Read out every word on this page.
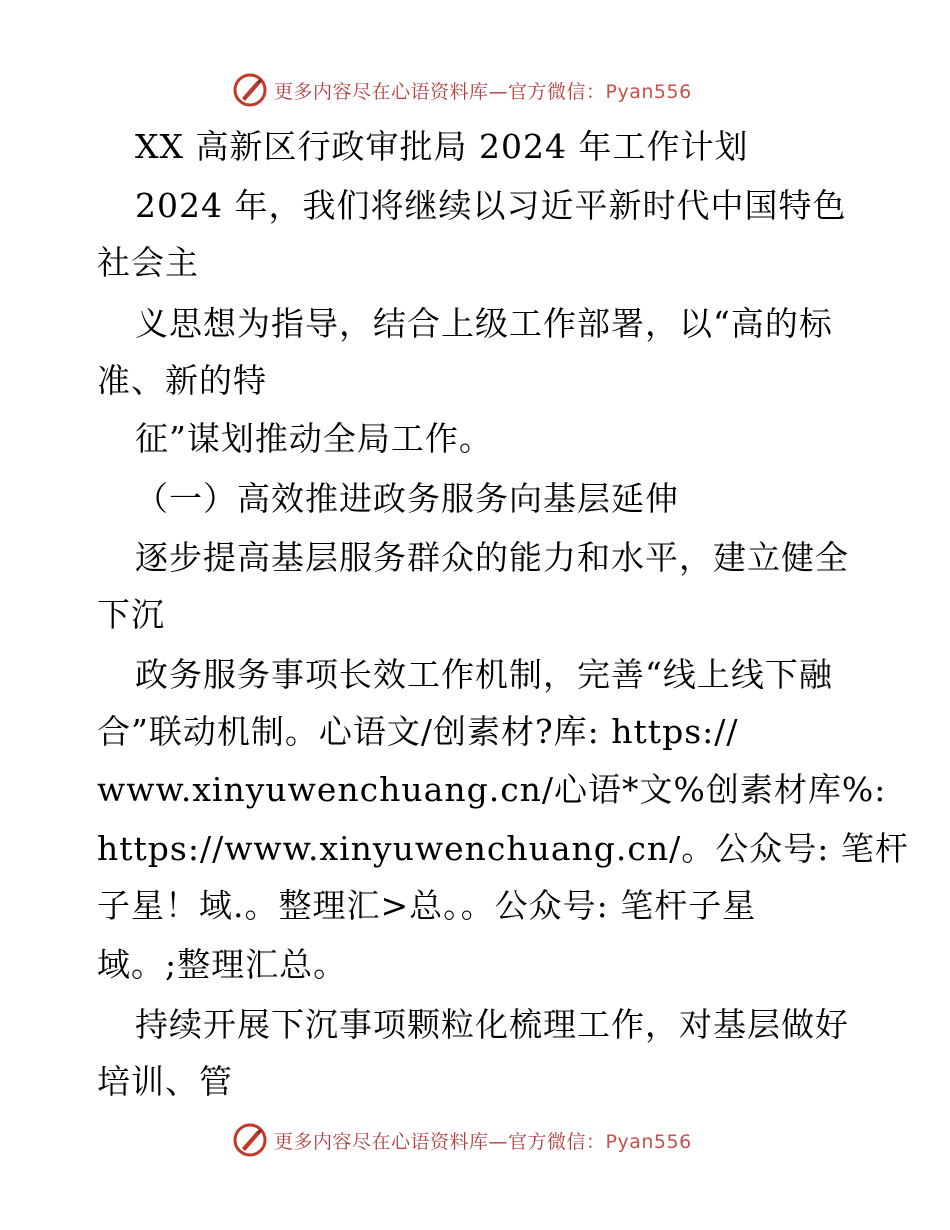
更多内容尽在心语资料库—官方微信：Pyan556
XX 高新区行政审批局 2024 年工作计划
2024 年，我们将继续以习近平新时代中国特色
社会主
义思想为指导，结合上级工作部署，以“高的标
准、新的特
征”谋划推动全局工作。
（一）高效推进政务服务向基层延伸
逐步提高基层服务群众的能力和水平，建立健全
下沉
政务服务事项长效工作机制，完善“线上线下融
合”联动机制。心语文/创素材?库: https://
www.xinyuwenchuang.cn/心语*文%创素材库%:
https://www.xinyuwenchuang.cn/。公众号: 笔杆
子星！域.。整理汇>总。。公众号: 笔杆子星
域。;整理汇总。
持续开展下沉事项颗粒化梳理工作，对基层做好
培训、管
更多内容尽在心语资料库—官方微信：Pyan556
